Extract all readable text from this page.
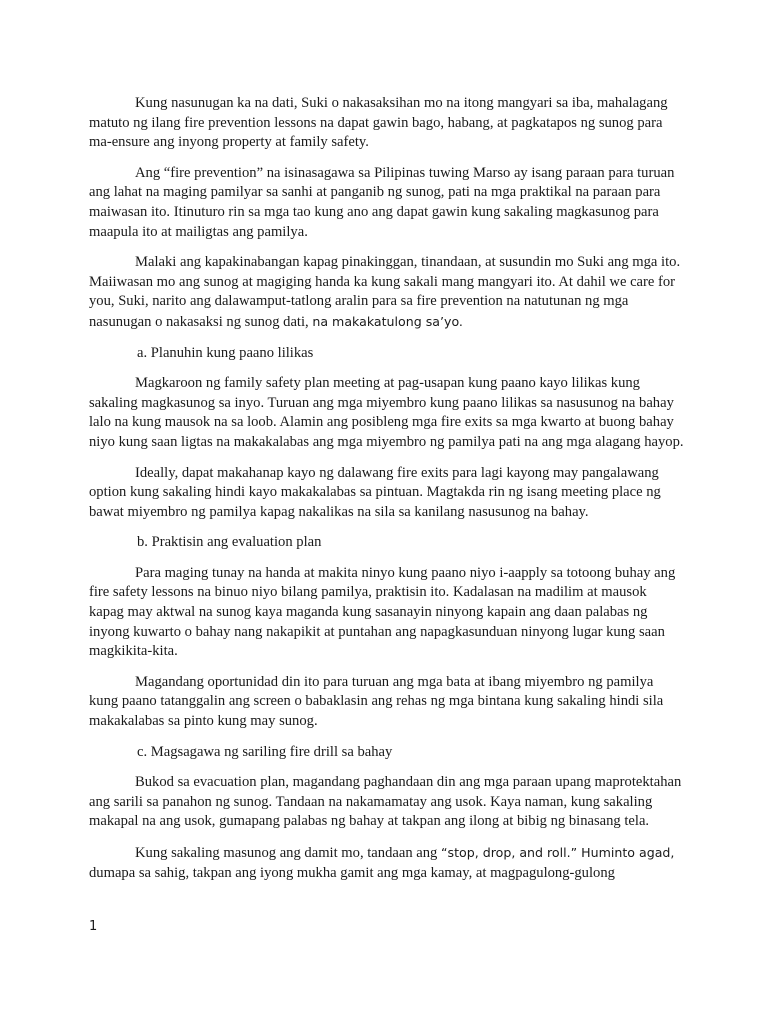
Kung nasunugan ka na dati, Suki o nakasaksihan mo na itong mangyari sa iba, mahalagang matuto ng ilang fire prevention lessons na dapat gawin bago, habang, at pagkatapos ng sunog para ma-ensure ang inyong property at family safety.

Ang “fire prevention” na isinasagawa sa Pilipinas tuwing Marso ay isang paraan para turuan ang lahat na maging pamilyar sa sanhi at panganib ng sunog, pati na mga praktikal na paraan para maiwasan ito. Itinuturo rin sa mga tao kung ano ang dapat gawin kung sakaling magkasunog para maapula ito at mailigtas ang pamilya.

Malaki ang kapakinabangan kapag pinakinggan, tinandaan, at susundin mo Suki ang mga ito. Maiiwasan mo ang sunog at magiging handa ka kung sakali mang mangyari ito. At dahil we care for you, Suki, narito ang dalawamput-tatlong aralin para sa fire prevention na natutunan ng mga nasunugan o nakasaksi ng sunog dati, na makakatulong sa’yo.

a. Planuhin kung paano lilikas

Magkaroon ng family safety plan meeting at pag-usapan kung paano kayo lilikas kung sakaling magkasunog sa inyo. Turuan ang mga miyembro kung paano lilikas sa nasusunog na bahay lalo na kung mausok na sa loob. Alamin ang posibleng mga fire exits sa mga kwarto at buong bahay niyo kung saan ligtas na makakalabas ang mga miyembro ng pamilya pati na ang mga alagang hayop.

Ideally, dapat makahanap kayo ng dalawang fire exits para lagi kayong may pangalawang option kung sakaling hindi kayo makakalabas sa pintuan. Magtakda rin ng isang meeting place ng bawat miyembro ng pamilya kapag nakalikas na sila sa kanilang nasusunog na bahay.

b. Praktisin ang evaluation plan

Para maging tunay na handa at makita ninyo kung paano niyo i-aapply sa totoong buhay ang fire safety lessons na binuo niyo bilang pamilya, praktisin ito. Kadalasan na madilim at mausok kapag may aktwal na sunog kaya maganda kung sasanayin ninyong kapain ang daan palabas ng inyong kuwarto o bahay nang nakapikit at puntahan ang napagkasunduan ninyong lugar kung saan magkikita-kita.

Magandang oportunidad din ito para turuan ang mga bata at ibang miyembro ng pamilya kung paano tatanggalin ang screen o babaklasin ang rehas ng mga bintana kung sakaling hindi sila makakalabas sa pinto kung may sunog.

c. Magsagawa ng sariling fire drill sa bahay

Bukod sa evacuation plan, magandang paghandaan din ang mga paraan upang maprotektahan ang sarili sa panahon ng sunog. Tandaan na nakamamatay ang usok. Kaya naman, kung sakaling makapal na ang usok, gumapang palabas ng bahay at takpan ang ilong at bibig ng binasang tela.

Kung sakaling masunog ang damit mo, tandaan ang “stop, drop, and roll.” Huminto agad, dumapa sa sahig, takpan ang iyong mukha gamit ang mga kamay, at magpagulong-gulong

1
